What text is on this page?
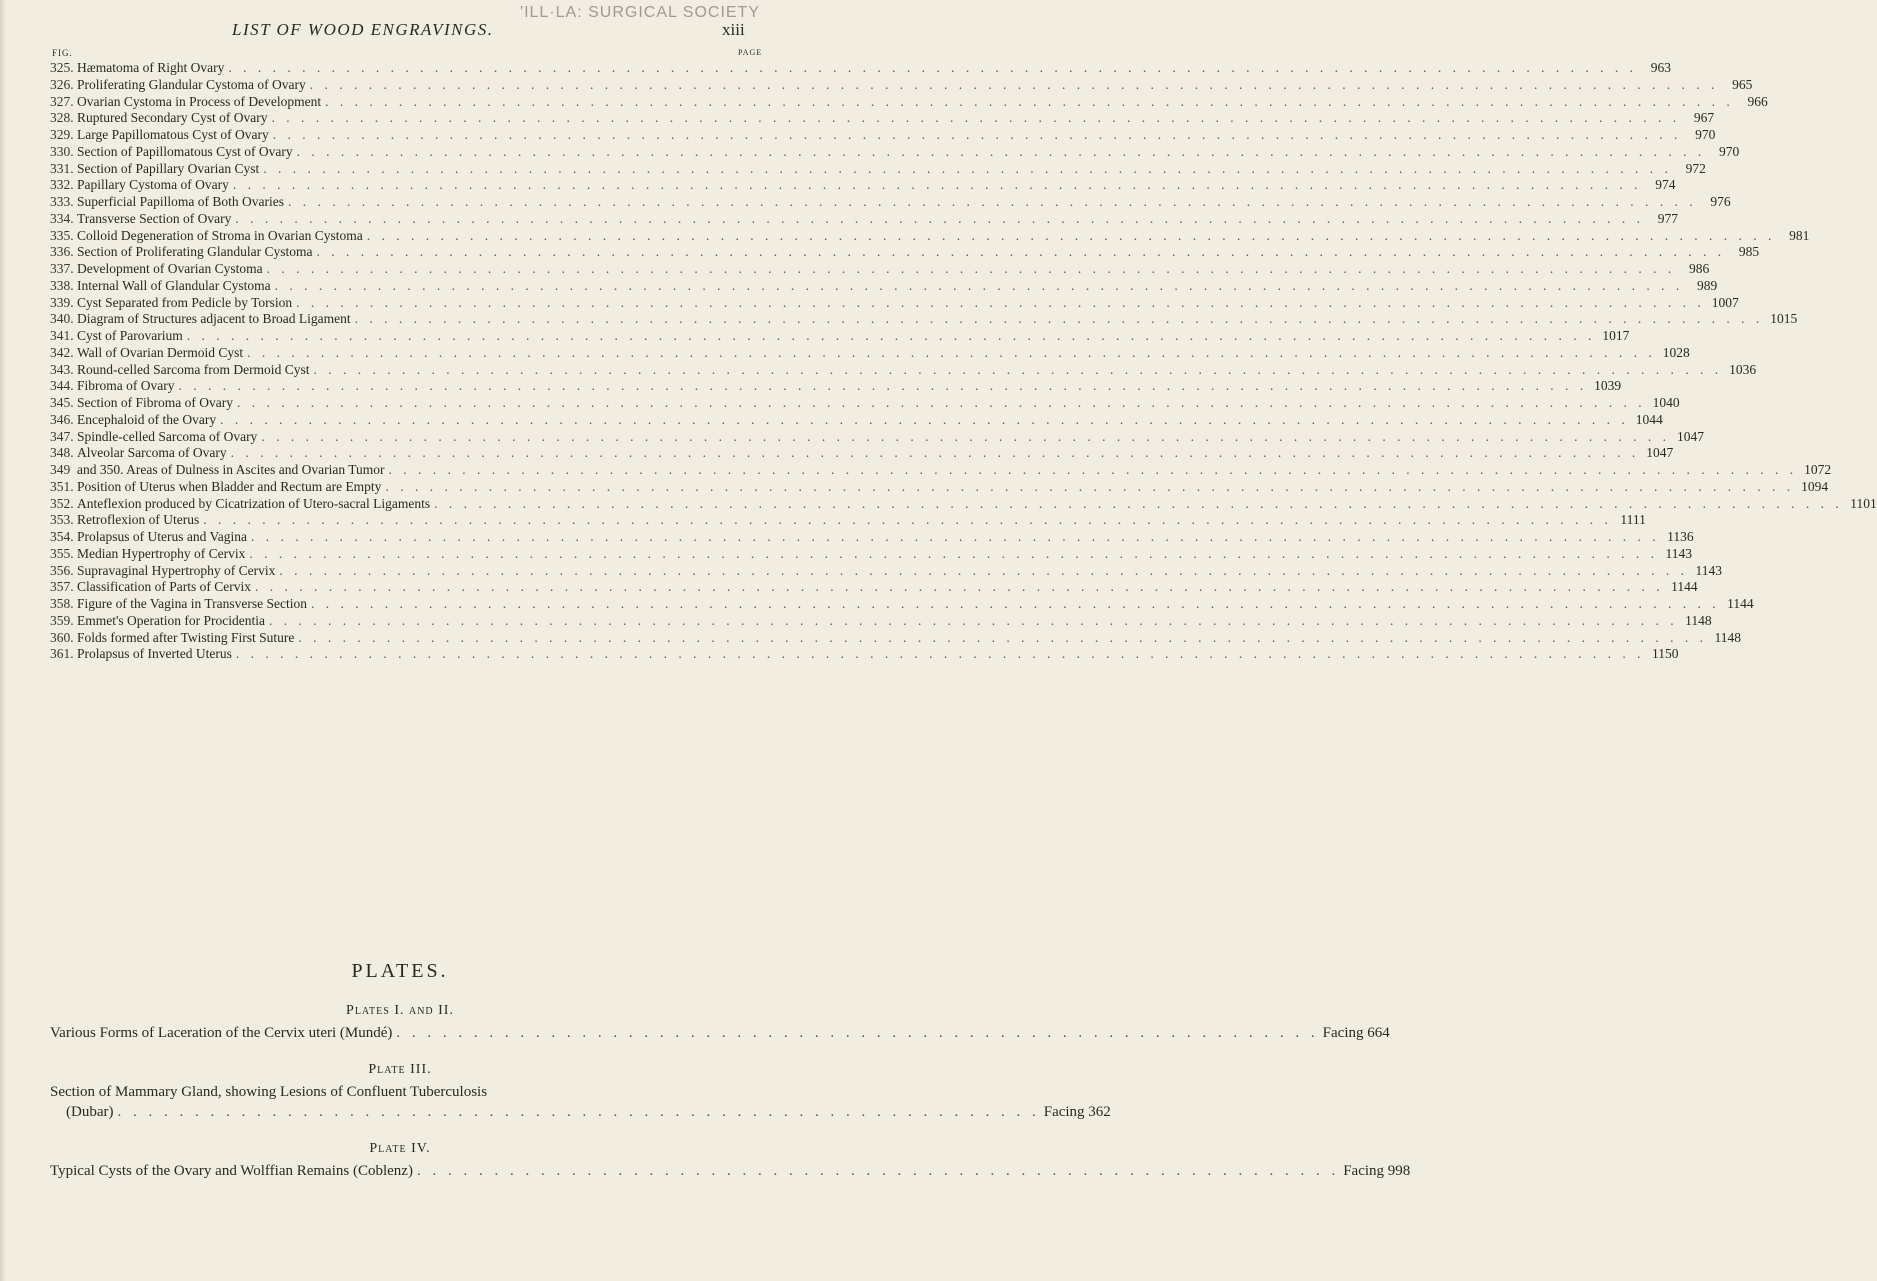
'ILL·LA: SURGICAL SOCIETY
LIST OF WOOD ENGRAVINGS.	xiii
FIG.	PAGE
325. Hæmatoma of Right Ovary . . .	963
326. Proliferating Glandular Cystoma of Ovary . . .	965
327. Ovarian Cystoma in Process of Development . . .	966
328. Ruptured Secondary Cyst of Ovary . . .	967
329. Large Papillomatous Cyst of Ovary . . .	970
330. Section of Papillomatous Cyst of Ovary . . .	970
331. Section of Papillary Ovarian Cyst . . .	972
332. Papillary Cystoma of Ovary . . .	974
333. Superficial Papilloma of Both Ovaries . . .	976
334. Transverse Section of Ovary . . .	977
335. Colloid Degeneration of Stroma in Ovarian Cystoma . . .	981
336. Section of Proliferating Glandular Cystoma . . .	985
337. Development of Ovarian Cystoma . . .	986
338. Internal Wall of Glandular Cystoma . . .	989
339. Cyst Separated from Pedicle by Torsion . . .	1007
340. Diagram of Structures adjacent to Broad Ligament . . .	1015
341. Cyst of Parovarium . . .	1017
342. Wall of Ovarian Dermoid Cyst . . .	1028
343. Round-celled Sarcoma from Dermoid Cyst . . .	1036
344. Fibroma of Ovary . . .	1039
345. Section of Fibroma of Ovary . . .	1040
346. Encephaloid of the Ovary . . .	1044
347. Spindle-celled Sarcoma of Ovary . . .	1047
348. Alveolar Sarcoma of Ovary . . .	1047
349 and 350. Areas of Dulness in Ascites and Ovarian Tumor . . .	1072
351. Position of Uterus when Bladder and Rectum are Empty . . .	1094
352. Anteflexion produced by Cicatrization of Utero-sacral Ligaments . . .	1101
353. Retroflexion of Uterus . . .	1111
354. Prolapsus of Uterus and Vagina . . .	1136
355. Median Hypertrophy of Cervix . . .	1143
356. Supravaginal Hypertrophy of Cervix . . .	1143
357. Classification of Parts of Cervix . . .	1144
358. Figure of the Vagina in Transverse Section . . .	1144
359. Emmet's Operation for Procidentia . . .	1148
360. Folds formed after Twisting First Suture . . .	1148
361. Prolapsus of Inverted Uterus . . .	1150
PLATES.
Plates I. and II.
Various Forms of Laceration of the Cervix uteri (Mundé) . . .	Facing 664
Plate III.
Section of Mammary Gland, showing Lesions of Confluent Tuberculosis
(Dubar) . . .	Facing 362
Plate IV.
Typical Cysts of the Ovary and Wolffian Remains (Coblenz) . . .	Facing 998
